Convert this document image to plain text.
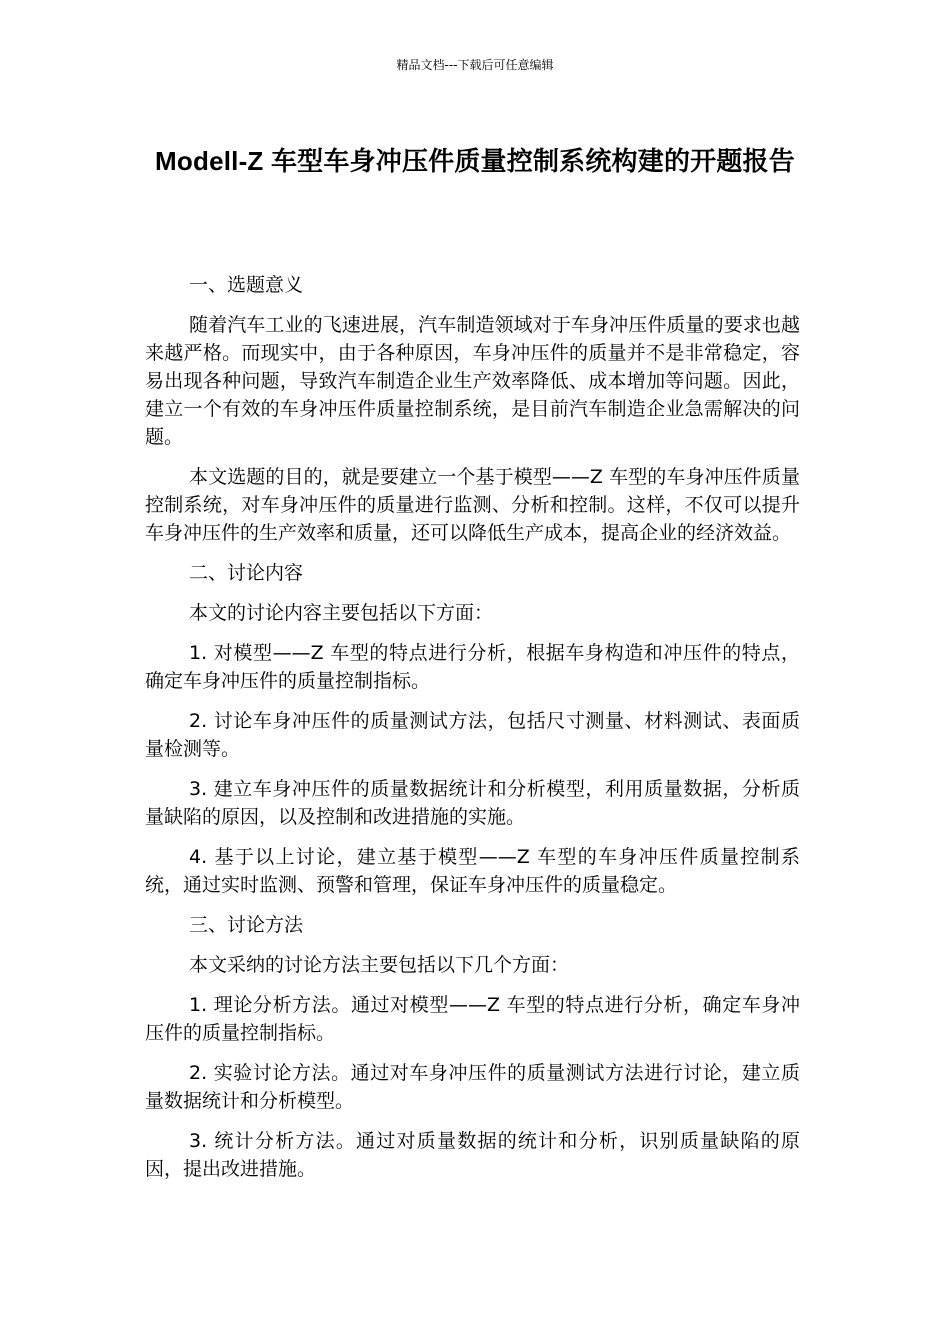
精品文档---下载后可任意编辑
Modell-Z 车型车身冲压件质量控制系统构建的开题报告

一、选题意义

随着汽车工业的飞速进展，汽车制造领域对于车身冲压件质量的要求也越来越严格。而现实中，由于各种原因，车身冲压件的质量并不是非常稳定，容易出现各种问题，导致汽车制造企业生产效率降低、成本增加等问题。因此，建立一个有效的车身冲压件质量控制系统，是目前汽车制造企业急需解决的问题。

本文选题的目的，就是要建立一个基于模型——Z 车型的车身冲压件质量控制系统，对车身冲压件的质量进行监测、分析和控制。这样，不仅可以提升车身冲压件的生产效率和质量，还可以降低生产成本，提高企业的经济效益。

二、讨论内容

本文的讨论内容主要包括以下方面：

1. 对模型——Z 车型的特点进行分析，根据车身构造和冲压件的特点，确定车身冲压件的质量控制指标。

2. 讨论车身冲压件的质量测试方法，包括尺寸测量、材料测试、表面质量检测等。

3. 建立车身冲压件的质量数据统计和分析模型，利用质量数据，分析质量缺陷的原因，以及控制和改进措施的实施。

4. 基于以上讨论，建立基于模型——Z 车型的车身冲压件质量控制系统，通过实时监测、预警和管理，保证车身冲压件的质量稳定。

三、讨论方法

本文采纳的讨论方法主要包括以下几个方面：

1. 理论分析方法。通过对模型——Z 车型的特点进行分析，确定车身冲压件的质量控制指标。

2. 实验讨论方法。通过对车身冲压件的质量测试方法进行讨论，建立质量数据统计和分析模型。

3. 统计分析方法。通过对质量数据的统计和分析，识别质量缺陷的原因，提出改进措施。
